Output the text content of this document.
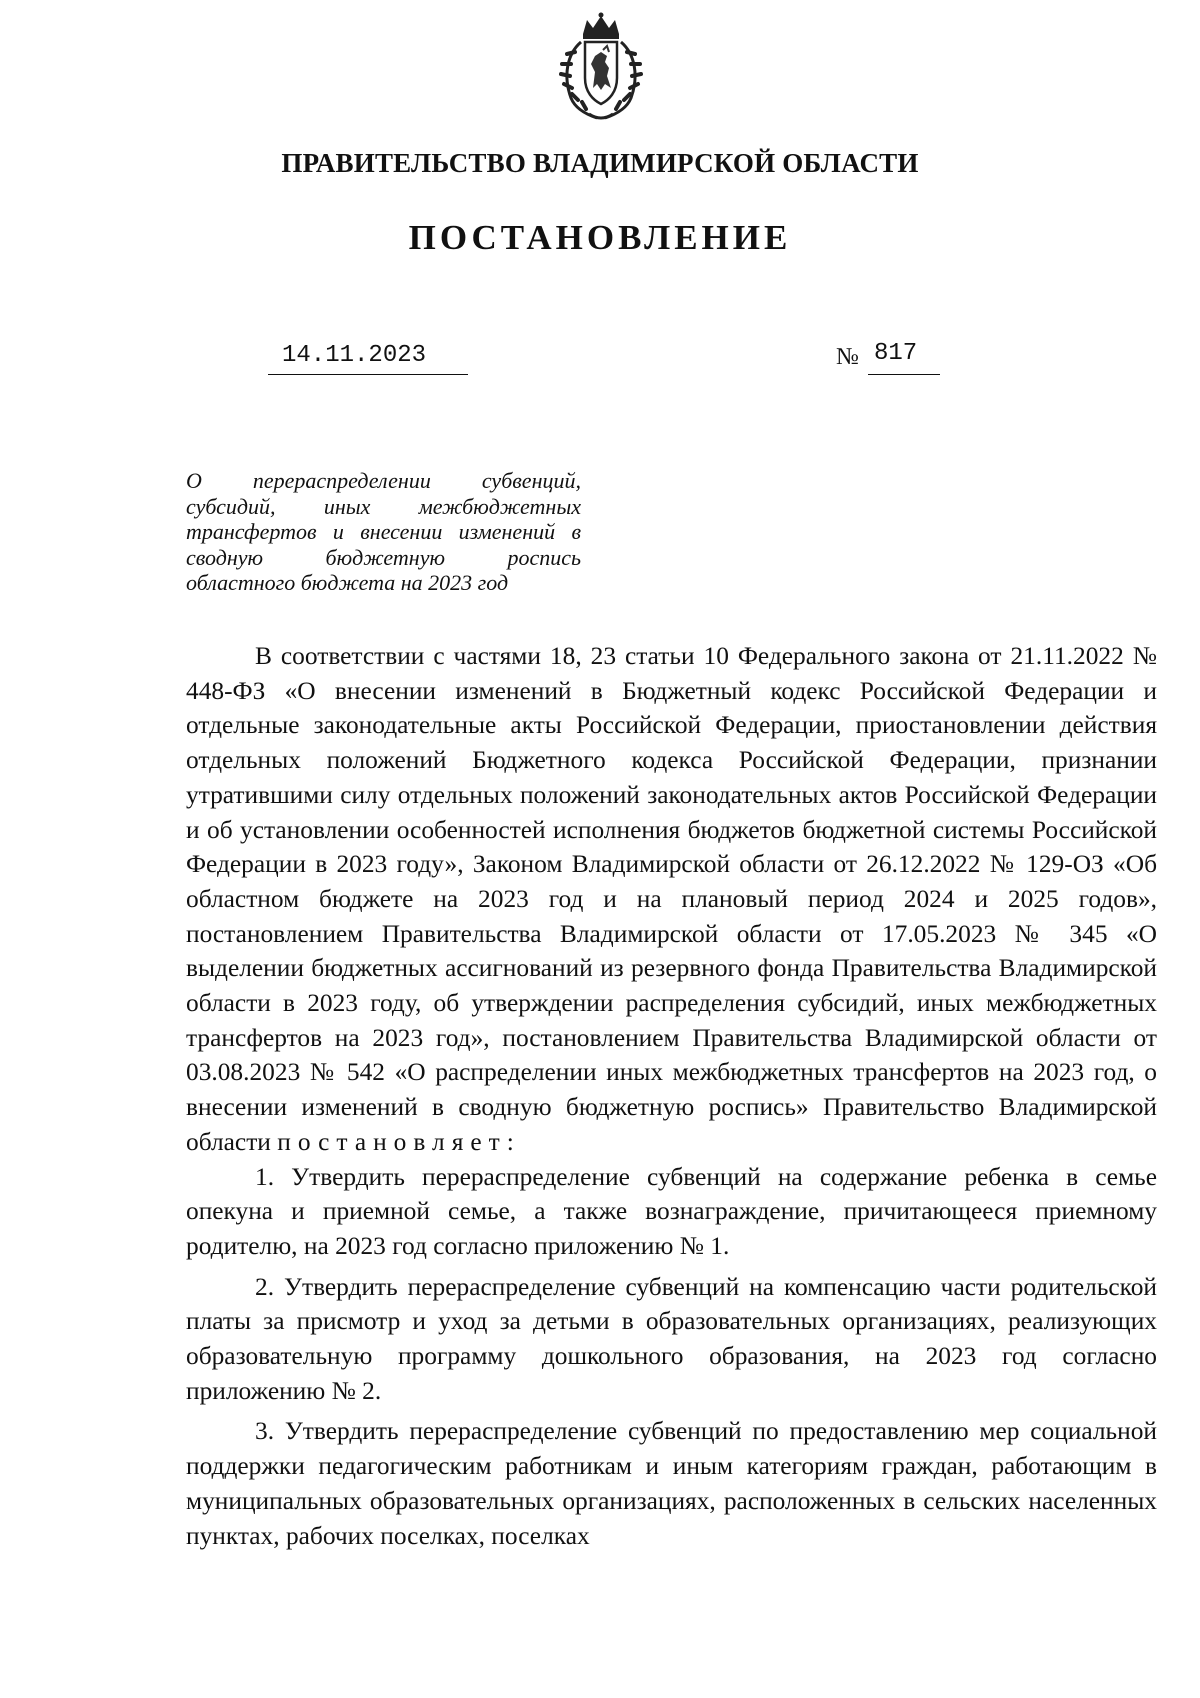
ПРАВИТЕЛЬСТВО ВЛАДИМИРСКОЙ ОБЛАСТИ
ПОСТАНОВЛЕНИЕ
14.11.2023	№ 817
О перераспределении субвенций,
субсидий, иных межбюджетных
трансфертов и внесении изменений в
сводную бюджетную роспись
областного бюджета на 2023 год

В соответствии с частями 18, 23 статьи 10 Федерального закона от 21.11.2022 № 448-ФЗ «О внесении изменений в Бюджетный кодекс Российской Федерации и отдельные законодательные акты Российской Федерации, приостановлении действия отдельных положений Бюджетного кодекса Российской Федерации, признании утратившими силу отдельных положений законодательных актов Российской Федерации и об установлении особенностей исполнения бюджетов бюджетной системы Российской Федерации в 2023 году», Законом Владимирской области от 26.12.2022 № 129-ОЗ «Об областном бюджете на 2023 год и на плановый период 2024 и 2025 годов», постановлением Правительства Владимирской области от 17.05.2023 № 345 «О выделении бюджетных ассигнований из резервного фонда Правительства Владимирской области в 2023 году, об утверждении распределения субсидий, иных межбюджетных трансфертов на 2023 год», постановлением Правительства Владимирской области от 03.08.2023 № 542 «О распределении иных межбюджетных трансфертов на 2023 год, о внесении изменений в сводную бюджетную роспись» Правительство Владимирской области постановляет:

1. Утвердить перераспределение субвенций на содержание ребенка в семье опекуна и приемной семье, а также вознаграждение, причитающееся приемному родителю, на 2023 год согласно приложению № 1.

2. Утвердить перераспределение субвенций на компенсацию части родительской платы за присмотр и уход за детьми в образовательных организациях, реализующих образовательную программу дошкольного образования, на 2023 год согласно приложению № 2.

3. Утвердить перераспределение субвенций по предоставлению мер социальной поддержки педагогическим работникам и иным категориям граждан, работающим в муниципальных образовательных организациях, расположенных в сельских населенных пунктах, рабочих поселках, поселках
